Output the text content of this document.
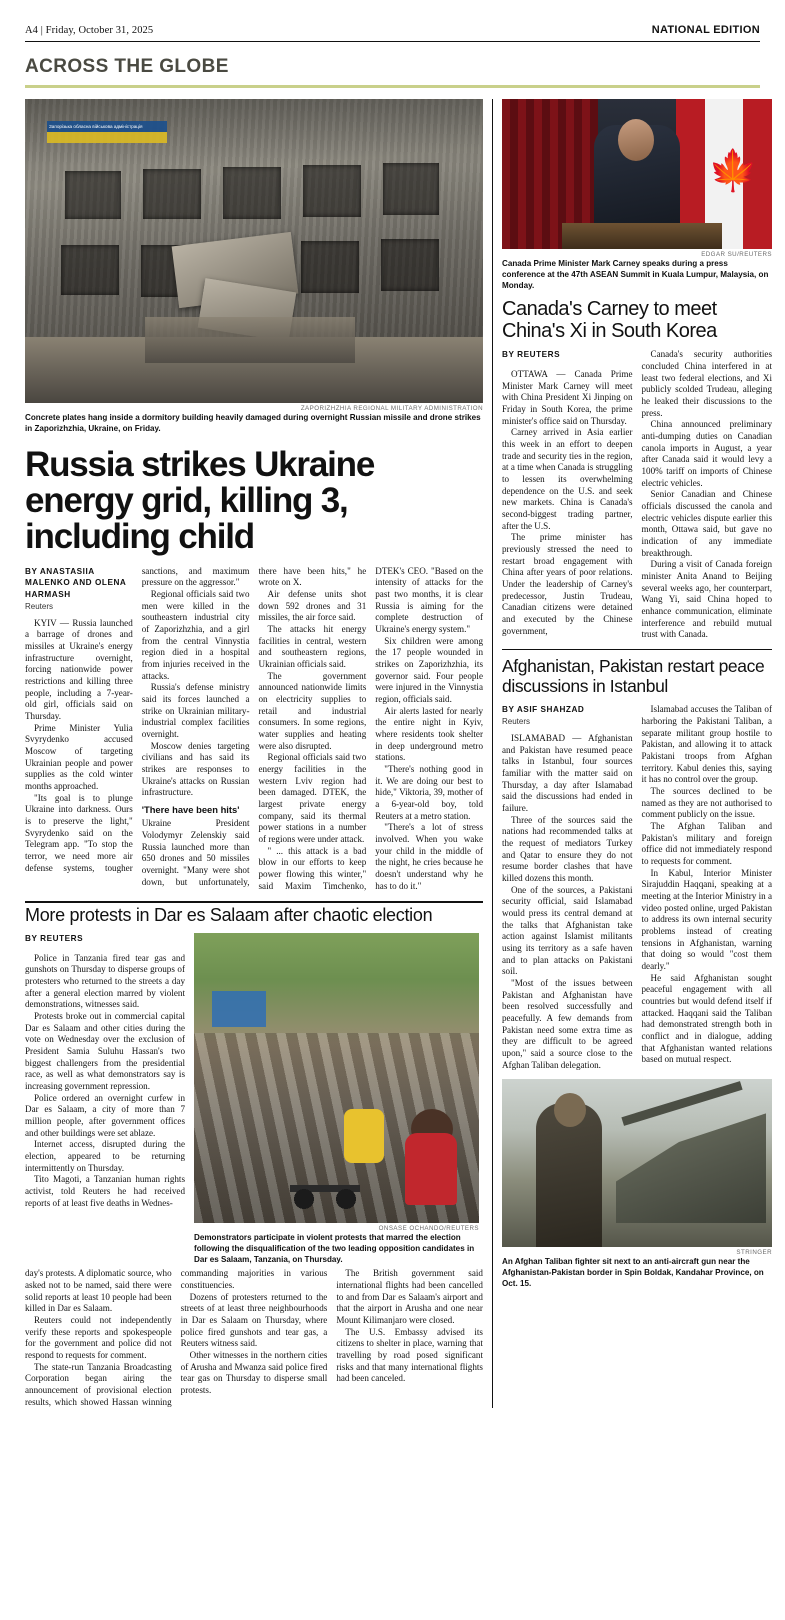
A4 | Friday, October 31, 2025	NATIONAL EDITION
ACROSS THE GLOBE
Запорізька обласна військова адміністрація
ZAPORIZHZHIA REGIONAL MILITARY ADMINISTRATION
Concrete plates hang inside a dormitory building heavily damaged during overnight Russian missile and drone strikes in Zaporizhzhia, Ukraine, on Friday.
Russia strikes Ukraine energy grid, killing 3, including child
BY ANASTASIIA MALENKO AND OLENA HARMASH
Reuters

KYIV — Russia launched a barrage of drones and missiles at Ukraine's energy infrastructure overnight, forcing nationwide power restrictions and killing three people, including a 7-year-old girl, officials said on Thursday.

Prime Minister Yulia Svyrydenko accused Moscow of targeting Ukrainian people and power supplies as the cold winter months approached.

"Its goal is to plunge Ukraine into darkness. Ours is to preserve the light," Svyrydenko said on the Telegram app. "To stop the terror, we need more air defense systems, tougher sanctions, and maximum pressure on the aggressor."

Regional officials said two men were killed in the southeastern industrial city of Zaporizhzhia, and a girl from the central Vinnystia region died in a hospital from injuries received in the attacks.

Russia's defense ministry said its forces launched a strike on Ukrainian military-industrial complex facilities overnight.

Moscow denies targeting civilians and has said its strikes are responses to Ukraine's attacks on Russian infrastructure.

'There have been hits'

Ukraine President Volodymyr Zelenskiy said Russia launched more than 650 drones and 50 missiles overnight. "Many were shot down, but unfortunately, there have been hits," he wrote on X.

Air defense units shot down 592 drones and 31 missiles, the air force said.

The attacks hit energy facilities in central, western and southeastern regions, Ukrainian officials said.

The government announced nationwide limits on electricity supplies to retail and industrial consumers. In some regions, water supplies and heating were also disrupted.

Regional officials said two energy facilities in the western Lviv region had been damaged. DTEK, the largest private energy company, said its thermal power stations in a number of regions were under attack.

" ... this attack is a bad blow in our efforts to keep power flowing this winter," said Maxim Timchenko, DTEK's CEO. "Based on the intensity of attacks for the past two months, it is clear Russia is aiming for the complete destruction of Ukraine's energy system."

Six children were among the 17 people wounded in strikes on Zaporizhzhia, its governor said. Four people were injured in the Vinnystia region, officials said.

Air alerts lasted for nearly the entire night in Kyiv, where residents took shelter in deep underground metro stations.

"There's nothing good in it. We are doing our best to hide," Viktoria, 39, mother of a 6-year-old boy, told Reuters at a metro station.

"There's a lot of stress involved. When you wake your child in the middle of the night, he cries because he doesn't understand why he has to do it."

More protests in Dar es Salaam after chaotic election
BY REUTERS

Police in Tanzania fired tear gas and gunshots on Thursday to disperse groups of protesters who returned to the streets a day after a general election marred by violent demonstrations, witnesses said.

Protests broke out in commercial capital Dar es Salaam and other cities during the vote on Wednesday over the exclusion of President Samia Suluhu Hassan's two biggest challengers from the presidential race, as well as what demonstrators say is increasing government repression.

Police ordered an overnight curfew in Dar es Salaam, a city of more than 7 million people, after government offices and other buildings were set ablaze.

Internet access, disrupted during the election, appeared to be returning intermittently on Thursday.

Tito Magoti, a Tanzanian human rights activist, told Reuters he had received reports of at least five deaths in Wednes-

ONSASE OCHANDO/REUTERS
Demonstrators participate in violent protests that marred the election following the disqualification of the two leading opposition candidates in Dar es Salaam, Tanzania, on Thursday.

day's protests. A diplomatic source, who asked not to be named, said there were solid reports at least 10 people had been killed in Dar es Salaam.

Reuters could not independently verify these reports and spokespeople for the government and police did not respond to requests for comment.

The state-run Tanzania Broadcasting Corporation began airing the announcement of provisional election results, which showed Hassan winning commanding majorities in various constituencies.

Dozens of protesters returned to the streets of at least three neighbourhoods in Dar es Salaam on Thursday, where police fired gunshots and tear gas, a Reuters witness said.

Other witnesses in the northern cities of Arusha and Mwanza said police fired tear gas on Thursday to disperse small protests.

The British government said international flights had been cancelled to and from Dar es Salaam's airport and that the airport in Arusha and one near Mount Kilimanjaro were closed.

The U.S. Embassy advised its citizens to shelter in place, warning that travelling by road posed significant risks and that many international flights had been canceled.

🍁
EDGAR SU/REUTERS
Canada Prime Minister Mark Carney speaks during a press conference at the 47th ASEAN Summit in Kuala Lumpur, Malaysia, on Monday.
Canada's Carney to meet China's Xi in South Korea
BY REUTERS

OTTAWA — Canada Prime Minister Mark Carney will meet with China President Xi Jinping on Friday in South Korea, the prime minister's office said on Thursday.

Carney arrived in Asia earlier this week in an effort to deepen trade and security ties in the region, at a time when Canada is struggling to lessen its overwhelming dependence on the U.S. and seek new markets. China is Canada's second-biggest trading partner, after the U.S.

The prime minister has previously stressed the need to restart broad engagement with China after years of poor relations. Under the leadership of Carney's predecessor, Justin Trudeau, Canadian citizens were detained and executed by the Chinese government,

Canada's security authorities concluded China interfered in at least two federal elections, and Xi publicly scolded Trudeau, alleging he leaked their discussions to the press.

China announced preliminary anti-dumping duties on Canadian canola imports in August, a year after Canada said it would levy a 100% tariff on imports of Chinese electric vehicles.

Senior Canadian and Chinese officials discussed the canola and electric vehicles dispute earlier this month, Ottawa said, but gave no indication of any immediate breakthrough.

During a visit of Canada foreign minister Anita Anand to Beijing several weeks ago, her counterpart, Wang Yi, said China hoped to enhance communication, eliminate interference and rebuild mutual trust with Canada.

Afghanistan, Pakistan restart peace discussions in Istanbul
BY ASIF SHAHZAD
Reuters

ISLAMABAD — Afghanistan and Pakistan have resumed peace talks in Istanbul, four sources familiar with the matter said on Thursday, a day after Islamabad said the discussions had ended in failure.

Three of the sources said the nations had recommended talks at the request of mediators Turkey and Qatar to ensure they do not resume border clashes that have killed dozens this month.

One of the sources, a Pakistani security official, said Islamabad would press its central demand at the talks that Afghanistan take action against Islamist militants using its territory as a safe haven and to plan attacks on Pakistani soil.

"Most of the issues between Pakistan and Afghanistan have been resolved successfully and peacefully. A few demands from Pakistan need some extra time as they are difficult to be agreed upon," said a source close to the Afghan Taliban delegation.

Islamabad accuses the Taliban of harboring the Pakistani Taliban, a separate militant group hostile to Pakistan, and allowing it to attack Pakistani troops from Afghan territory. Kabul denies this, saying it has no control over the group.

The sources declined to be named as they are not authorised to comment publicly on the issue.

The Afghan Taliban and Pakistan's military and foreign office did not immediately respond to requests for comment.

In Kabul, Interior Minister Sirajuddin Haqqani, speaking at a meeting at the Interior Ministry in a video posted online, urged Pakistan to address its own internal security problems instead of creating tensions in Afghanistan, warning that doing so would "cost them dearly."

He said Afghanistan sought peaceful engagement with all countries but would defend itself if attacked. Haqqani said the Taliban had demonstrated strength both in conflict and in dialogue, adding that Afghanistan wanted relations based on mutual respect.

STRINGER
An Afghan Taliban fighter sit next to an anti-aircraft gun near the Afghanistan-Pakistan border in Spin Boldak, Kandahar Province, on Oct. 15.
